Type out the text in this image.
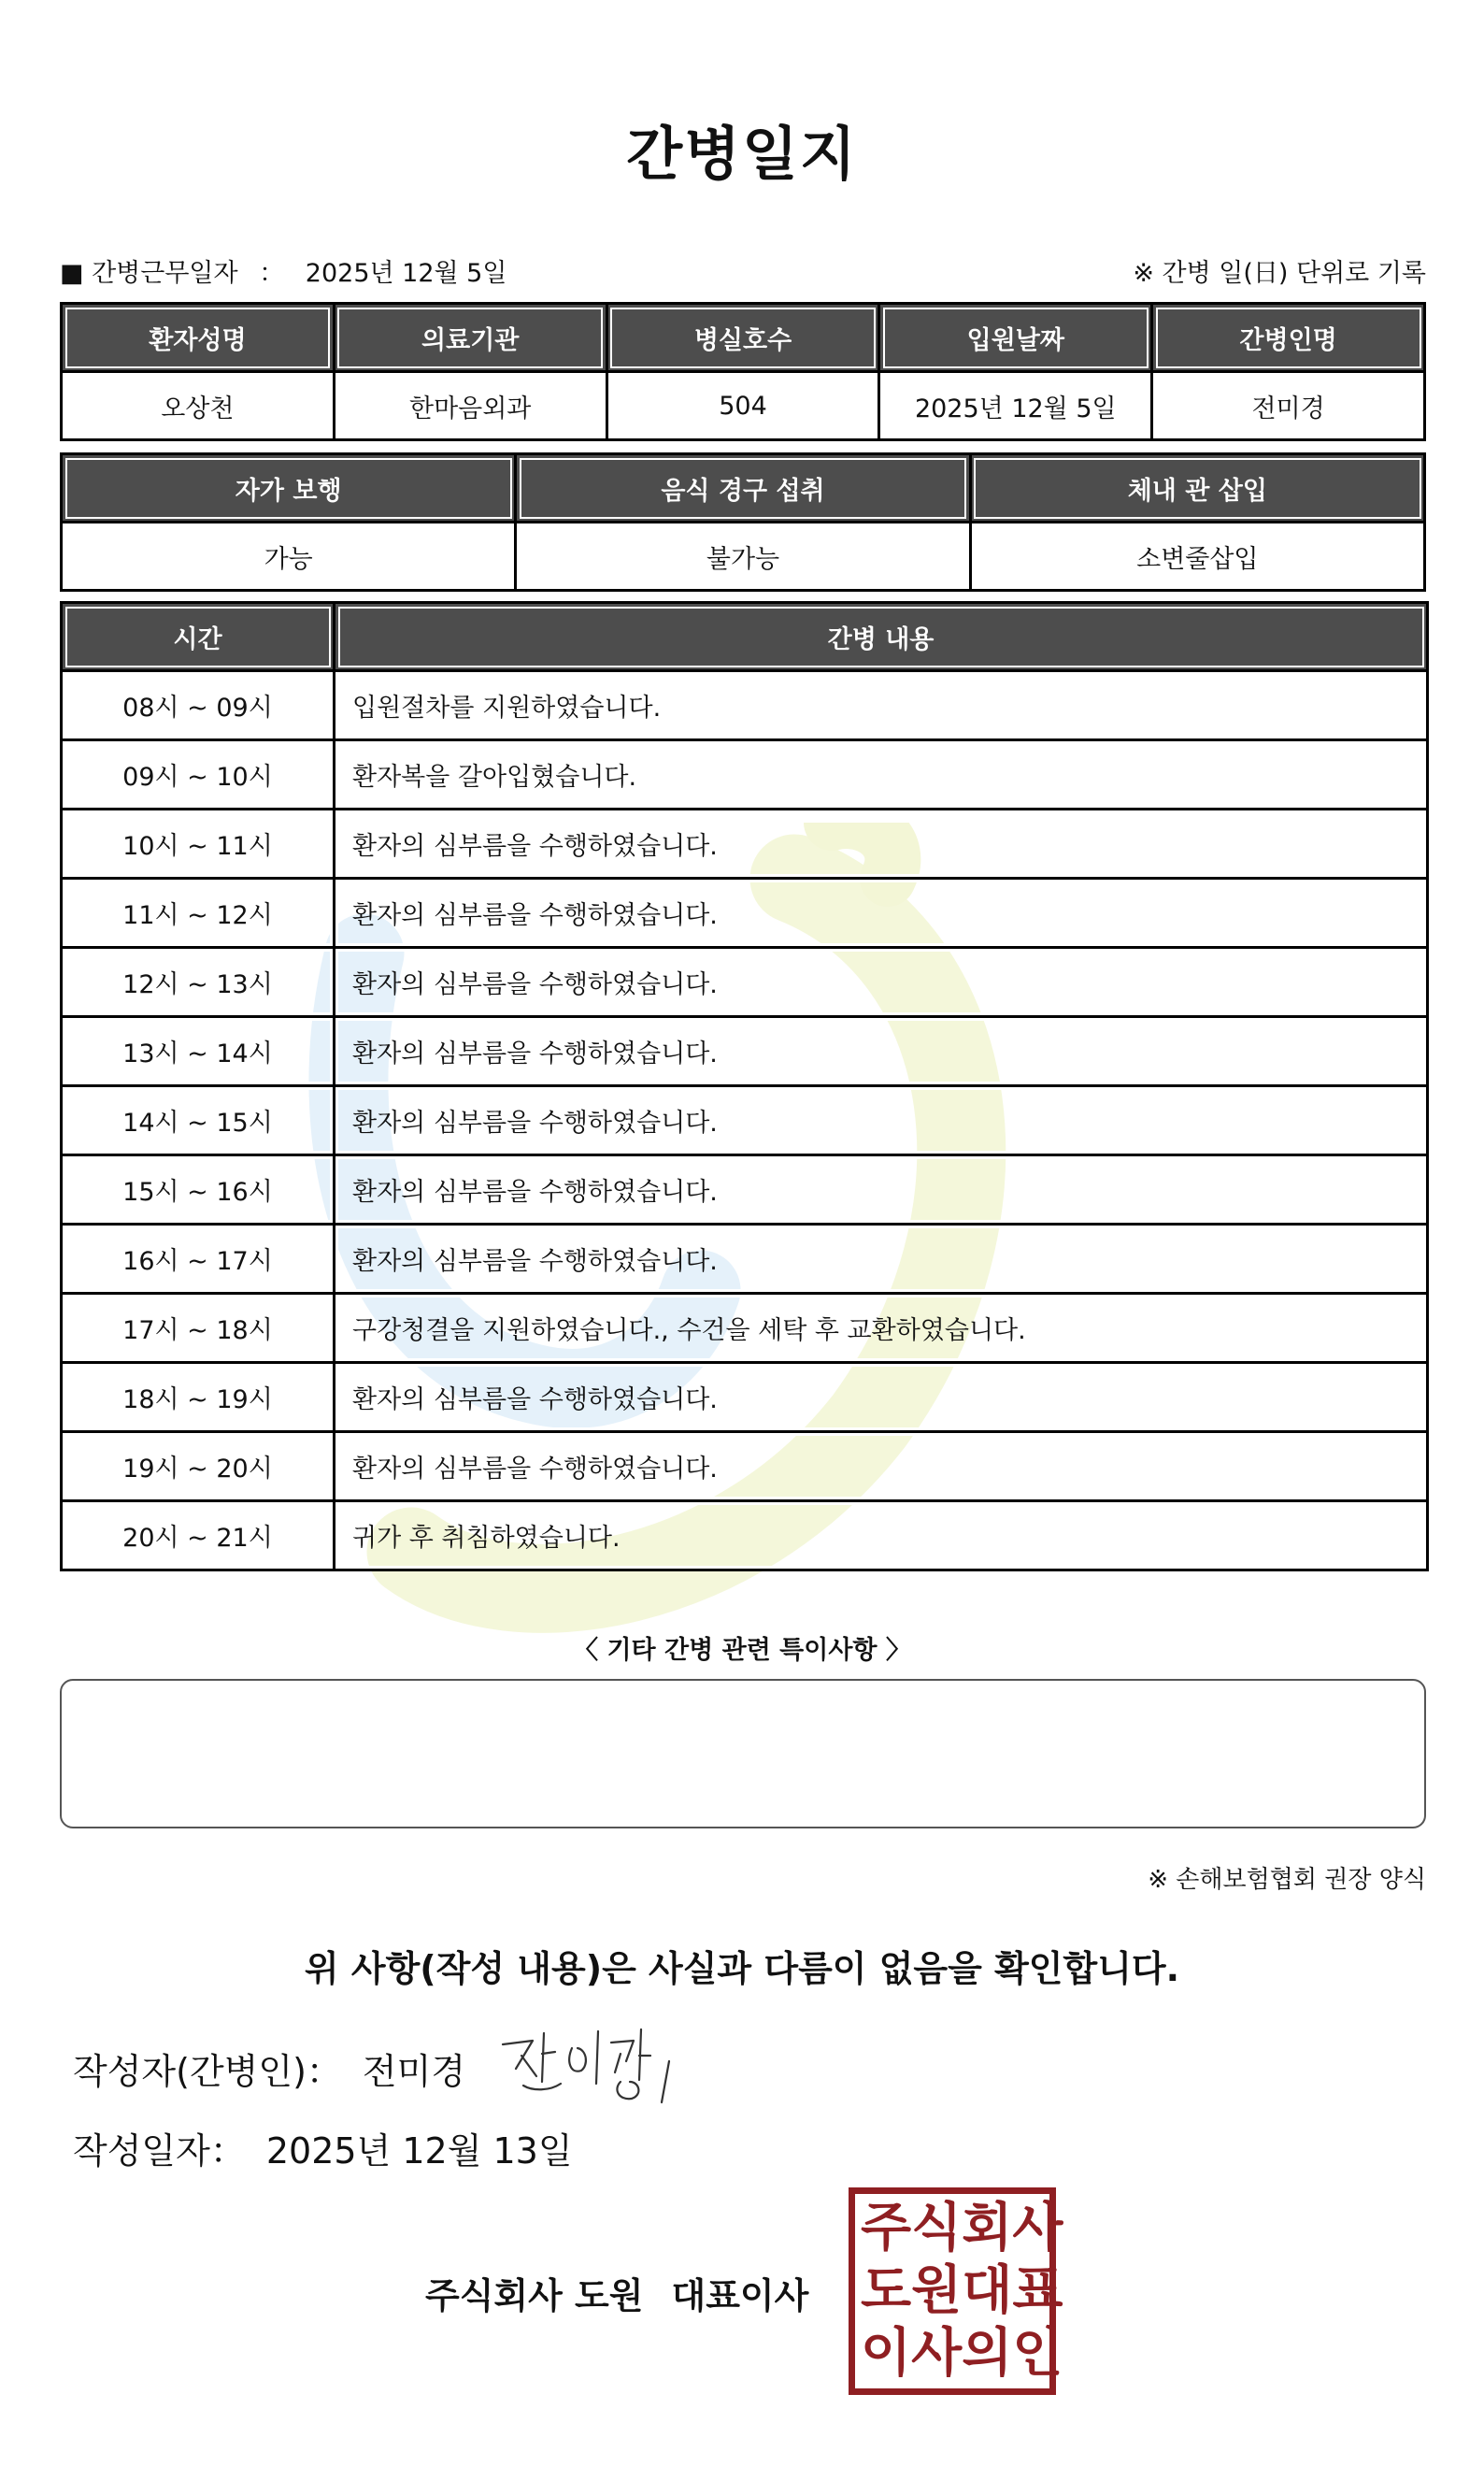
간병일지
■ 간병근무일자 ： 2025년 12월 5일	※ 간병 일(日) 단위로 기록
환자성명	의료기관	병실호수	입원날짜	간병인명
오상천	한마음외과	504	2025년 12월 5일	전미경
자가 보행	음식 경구 섭취	체내 관 삽입
가능	불가능	소변줄삽입
시간	간병 내용
08시 ~ 09시	입원절차를 지원하였습니다.
09시 ~ 10시	환자복을 갈아입혔습니다.
10시 ~ 11시	환자의 심부름을 수행하였습니다.
11시 ~ 12시	환자의 심부름을 수행하였습니다.
12시 ~ 13시	환자의 심부름을 수행하였습니다.
13시 ~ 14시	환자의 심부름을 수행하였습니다.
14시 ~ 15시	환자의 심부름을 수행하였습니다.
15시 ~ 16시	환자의 심부름을 수행하였습니다.
16시 ~ 17시	환자의 심부름을 수행하였습니다.
17시 ~ 18시	구강청결을 지원하였습니다., 수건을 세탁 후 교환하였습니다.
18시 ~ 19시	환자의 심부름을 수행하였습니다.
19시 ~ 20시	환자의 심부름을 수행하였습니다.
20시 ~ 21시	귀가 후 취침하였습니다.
〈 기타 간병 관련 특이사항 〉
※ 손해보험협회 권장 양식
위 사항(작성 내용)은 사실과 다름이 없음을 확인합니다.
작성자(간병인)： 전미경
작성일자： 2025년 12월 13일
주식회사 도원 대표이사
주 식 회 사
도 원 대 표
이 사 의 인
